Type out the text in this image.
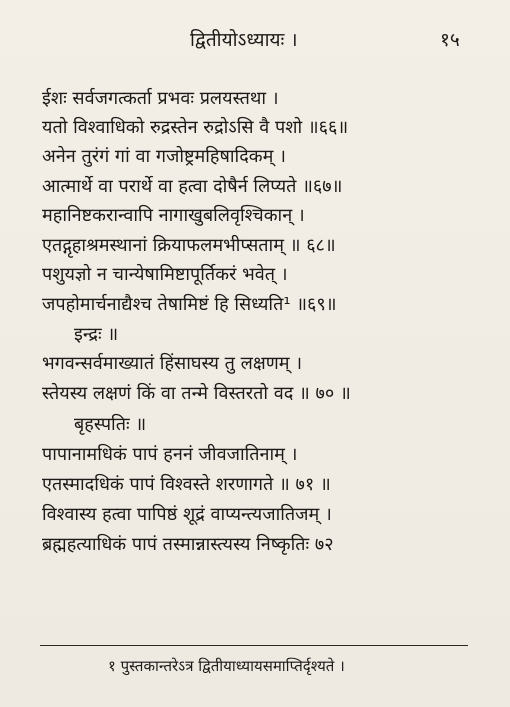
द्वितीयोऽध्यायः ।	१५
ईशः सर्वजगत्कर्ता प्रभवः प्रलयस्तथा ।
यतो विश्वाधिको रुद्रस्तेन रुद्रोऽसि वै पशो ॥६६॥
अनेन तुरंगं गां वा गजोष्ट्रमहिषादिकम् ।
आत्मार्थे वा परार्थे वा हत्वा दोषैर्न लिप्यते ॥६७॥
महानिष्टकरान्वापि नागाखुबलिवृश्चिकान् ।
एतद्गृहाश्रमस्थानां क्रियाफलमभीप्सताम् ॥ ६८॥
पशुयज्ञो न चान्येषामिष्टापूर्तिकरं भवेत् ।
जपहोमार्चनाद्यैश्च तेषामिष्टं हि सिध्यति¹ ॥६९॥
इन्द्रः ॥
भगवन्सर्वमाख्यातं हिंसाघस्य तु लक्षणम् ।
स्तेयस्य लक्षणं किं वा तन्मे विस्तरतो वद ॥ ७० ॥
बृहस्पतिः ॥
पापानामधिकं पापं हननं जीवजातिनाम् ।
एतस्मादधिकं पापं विश्वस्ते शरणागते ॥ ७१ ॥
विश्वास्य हत्वा पापिष्ठं शूद्रं वाप्यन्त्यजातिजम् ।
ब्रह्महत्याधिकं पापं तस्मान्नास्त्यस्य निष्कृतिः ७२
१ पुस्तकान्तरेऽत्र द्वितीयाध्यायसमाप्तिर्दृश्यते ।
